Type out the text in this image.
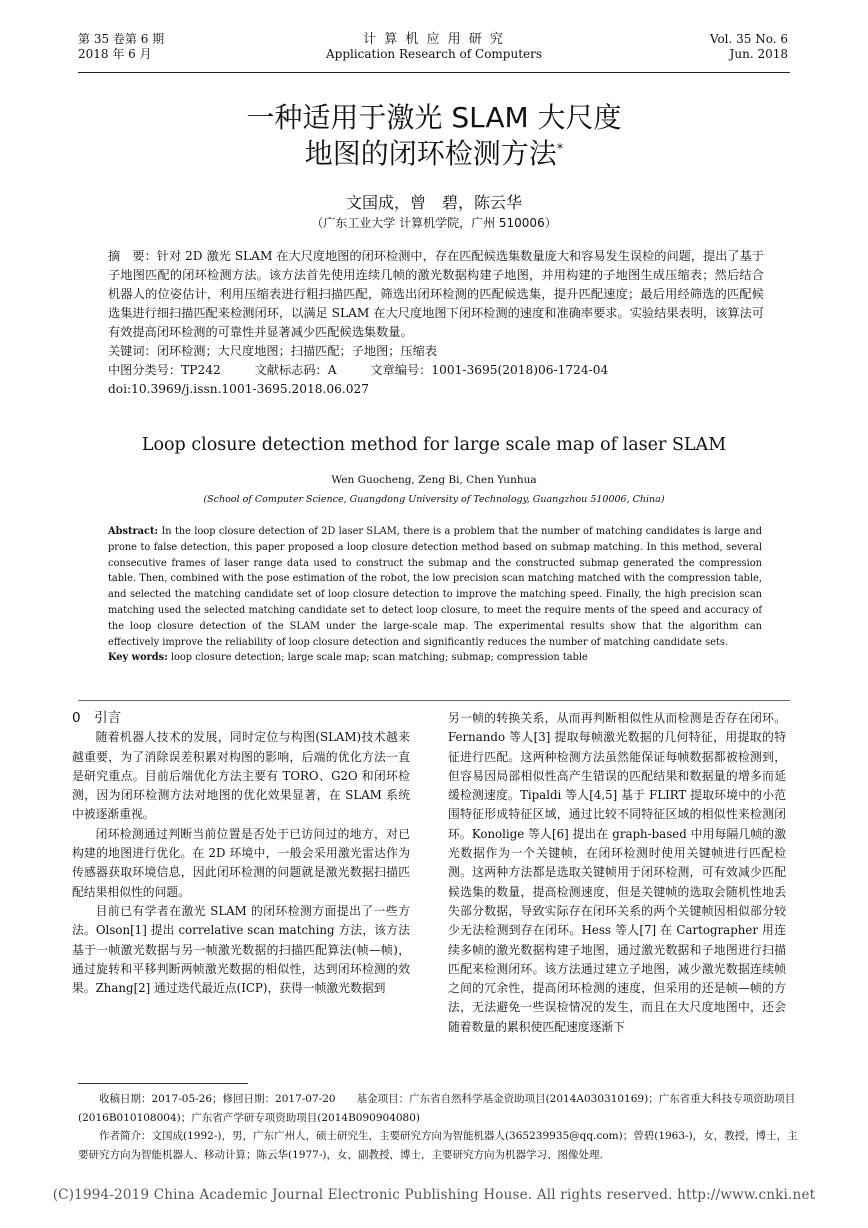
第 35 卷第 6 期
2018 年 6 月
计 算 机 应 用 研 究
Application Research of Computers
Vol. 35 No. 6
Jun. 2018
一种适用于激光 SLAM 大尺度
地图的闭环检测方法*
文国成，曾　碧，陈云华
（广东工业大学 计算机学院，广州 510006）
摘　要：针对 2D 激光 SLAM 在大尺度地图的闭环检测中，存在匹配候选集数量庞大和容易发生误检的问题，提出了基于子地图匹配的闭环检测方法。该方法首先使用连续几帧的激光数据构建子地图，并用构建的子地图生成压缩表；然后结合机器人的位姿估计，利用压缩表进行粗扫描匹配，筛选出闭环检测的匹配候选集，提升匹配速度；最后用经筛选的匹配候选集进行细扫描匹配来检测闭环，以满足 SLAM 在大尺度地图下闭环检测的速度和准确率要求。实验结果表明，该算法可有效提高闭环检测的可靠性并显著减少匹配候选集数量。
关键词：闭环检测；大尺度地图；扫描匹配；子地图；压缩表
中图分类号：TP242	文献标志码：A	文章编号：1001-3695(2018)06-1724-04
doi:10.3969/j.issn.1001-3695.2018.06.027
Loop closure detection method for large scale map of laser SLAM
Wen Guocheng, Zeng Bi, Chen Yunhua
(School of Computer Science, Guangdong University of Technology, Guangzhou 510006, China)
Abstract: In the loop closure detection of 2D laser SLAM, there is a problem that the number of matching candidates is large and prone to false detection, this paper proposed a loop closure detection method based on submap matching. In this method, several consecutive frames of laser range data used to construct the submap and the constructed submap generated the compression table. Then, combined with the pose estimation of the robot, the low precision scan matching matched with the compression table, and selected the matching candidate set of loop closure detection to improve the matching speed. Finally, the high precision scan matching used the selected matching candidate set to detect loop closure, to meet the require ments of the speed and accuracy of the loop closure detection of the SLAM under the large-scale map. The experimental results show that the algorithm can effectively improve the reliability of loop closure detection and significantly reduces the number of matching candidate sets.
Key words: loop closure detection; large scale map; scan matching; submap; compression table

0　引言

随着机器人技术的发展，同时定位与构图(SLAM)技术越来越重要，为了消除误差积累对构图的影响，后端的优化方法一直是研究重点。目前后端优化方法主要有 TORO、G2O 和闭环检测，因为闭环检测方法对地图的优化效果显著，在 SLAM 系统中被逐渐重视。

闭环检测通过判断当前位置是否处于已访问过的地方，对已构建的地图进行优化。在 2D 环境中，一般会采用激光雷达作为传感器获取环境信息，因此闭环检测的问题就是激光数据扫描匹配结果相似性的问题。

目前已有学者在激光 SLAM 的闭环检测方面提出了一些方法。Olson[1] 提出 correlative scan matching 方法，该方法基于一帧激光数据与另一帧激光数据的扫描匹配算法(帧—帧)，通过旋转和平移判断两帧激光数据的相似性，达到闭环检测的效果。Zhang[2] 通过迭代最近点(ICP)，获得一帧激光数据到

另一帧的转换关系，从而再判断相似性从而检测是否存在闭环。Fernando 等人[3] 提取每帧激光数据的几何特征，用提取的特征进行匹配。这两种检测方法虽然能保证每帧数据都被检测到，但容易因局部相似性高产生错误的匹配结果和数据量的增多而延缓检测速度。Tipaldi 等人[4,5] 基于 FLIRT 提取环境中的小范围特征形成特征区域，通过比较不同特征区域的相似性来检测闭环。Konolige 等人[6] 提出在 graph-based 中用每隔几帧的激光数据作为一个关键帧，在闭环检测时使用关键帧进行匹配检测。这两种方法都是选取关键帧用于闭环检测，可有效减少匹配候选集的数量，提高检测速度，但是关键帧的选取会随机性地丢失部分数据，导致实际存在闭环关系的两个关键帧因相似部分较少无法检测到存在闭环。Hess 等人[7] 在 Cartographer 用连续多帧的激光数据构建子地图，通过激光数据和子地图进行扫描匹配来检测闭环。该方法通过建立子地图，减少激光数据连续帧之间的冗余性，提高闭环检测的速度，但采用的还是帧—帧的方法，无法避免一些误检情况的发生，而且在大尺度地图中，还会随着数量的累积使匹配速度逐渐下

收稿日期：2017-05-26；修回日期：2017-07-20　　基金项目：广东省自然科学基金资助项目(2014A030310169)；广东省重大科技专项资助项目(2016B010108004)；广东省产学研专项资助项目(2014B090904080)

作者简介：文国成(1992-)，男，广东广州人，硕士研究生，主要研究方向为智能机器人(365239935@qq.com)；曾碧(1963-)，女，教授，博士，主要研究方向为智能机器人、移动计算；陈云华(1977-)，女，副教授，博士，主要研究方向为机器学习、图像处理.

(C)1994-2019 China Academic Journal Electronic Publishing House. All rights reserved. http://www.cnki.net
